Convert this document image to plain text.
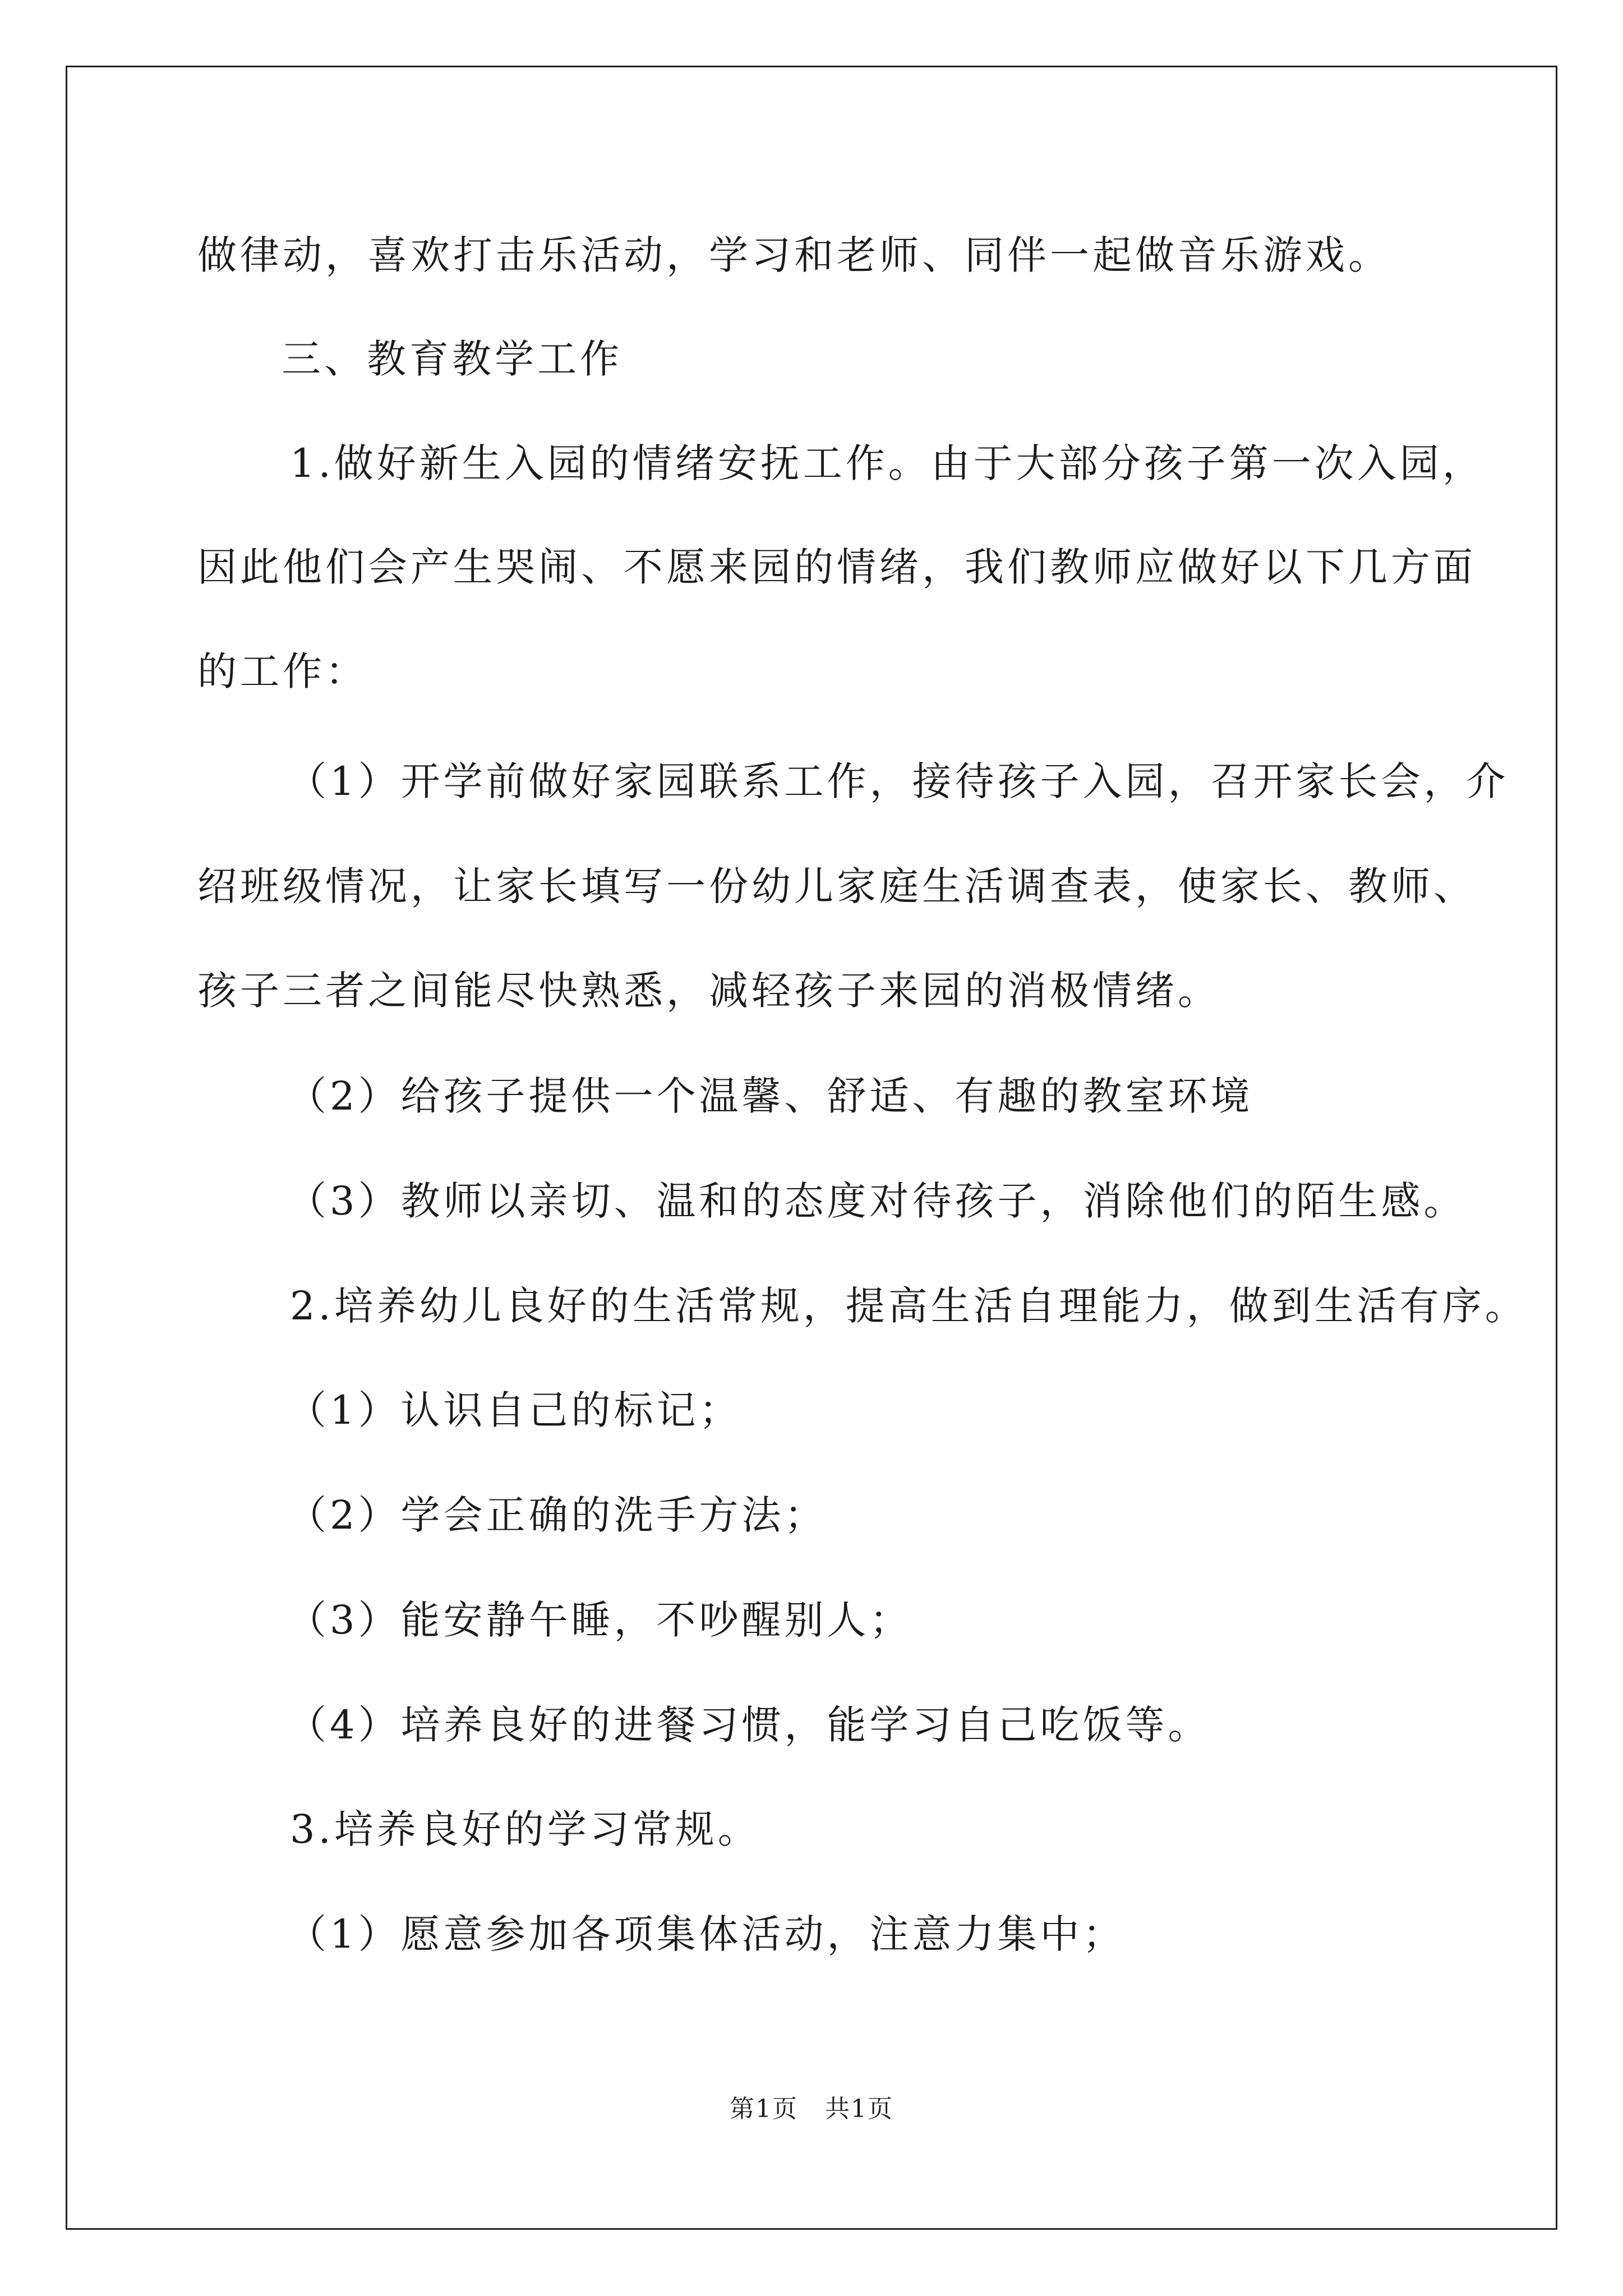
做律动，喜欢打击乐活动，学习和老师、同伴一起做音乐游戏。

三、教育教学工作

1.做好新生入园的情绪安抚工作。由于大部分孩子第一次入园，

因此他们会产生哭闹、不愿来园的情绪，我们教师应做好以下几方面

的工作：

（1）开学前做好家园联系工作，接待孩子入园，召开家长会，介

绍班级情况，让家长填写一份幼儿家庭生活调查表，使家长、教师、

孩子三者之间能尽快熟悉，减轻孩子来园的消极情绪。

（2）给孩子提供一个温馨、舒适、有趣的教室环境

（3）教师以亲切、温和的态度对待孩子，消除他们的陌生感。

2.培养幼儿良好的生活常规，提高生活自理能力，做到生活有序。

（1）认识自己的标记；

（2）学会正确的洗手方法；

（3）能安静午睡，不吵醒别人；

（4）培养良好的进餐习惯，能学习自己吃饭等。

3.培养良好的学习常规。

（1）愿意参加各项集体活动，注意力集中；

第1页   共1页
